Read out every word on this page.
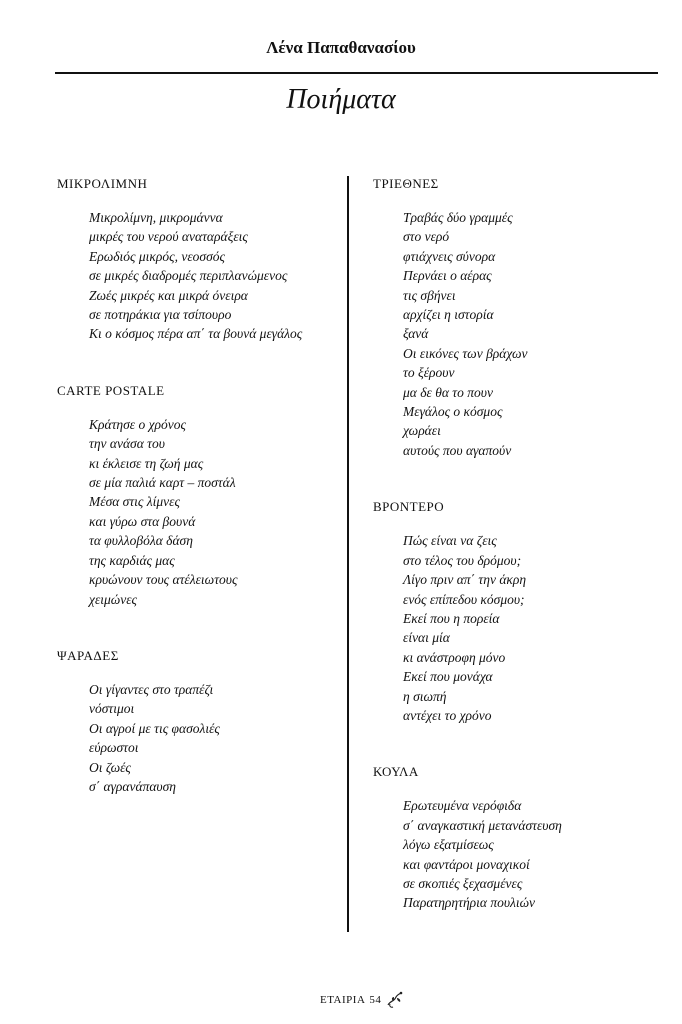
Λένα Παπαθανασίου
Ποιήματα
ΜΙΚΡΟΛΙΜΝΗ
Μικρολίμνη, μικρομάννα
μικρές του νερού αναταράξεις
Ερωδιός μικρός, νεοσσός
σε μικρές διαδρομές περιπλανώμενος
Ζωές μικρές και μικρά όνειρα
σε ποτηράκια για τσίπουρο
Κι ο κόσμος πέρα απ΄ τα βουνά μεγάλος
CARTE POSTALE
Κράτησε ο χρόνος
την ανάσα του
κι έκλεισε τη ζωή μας
σε μία παλιά καρτ – ποστάλ
Μέσα στις λίμνες
και γύρω στα βουνά
τα φυλλοβόλα δάση
της καρδιάς μας
κρυώνουν τους ατέλειωτους
χειμώνες
ΨΑΡΑΔΕΣ
Οι γίγαντες στο τραπέζι
νόστιμοι
Οι αγροί με τις φασολιές
εύρωστοι
Οι ζωές
σ΄ αγρανάπαυση
ΤΡΙΕΘΝΕΣ
Τραβάς δύο γραμμές
στο νερό
φτιάχνεις σύνορα
Περνάει ο αέρας
τις σβήνει
αρχίζει η ιστορία
ξανά
Οι εικόνες των βράχων
το ξέρουν
μα δε θα το πουν
Μεγάλος ο κόσμος
χωράει
αυτούς που αγαπούν
ΒΡΟΝΤΕΡΟ
Πώς είναι να ζεις
στο τέλος του δρόμου;
Λίγο πριν απ΄ την άκρη
ενός επίπεδου κόσμου;
Εκεί που η πορεία
είναι μία
κι ανάστροφη μόνο
Εκεί που μονάχα
η σιωπή
αντέχει το χρόνο
ΚΟΥΛΑ
Ερωτευμένα νερόφιδα
σ΄ αναγκαστική μετανάστευση
λόγω εξατμίσεως
και φαντάροι μοναχικοί
σε σκοπιές ξεχασμένες
Παρατηρητήρια πουλιών
ΕΤΑΙΡΙΑ 54
